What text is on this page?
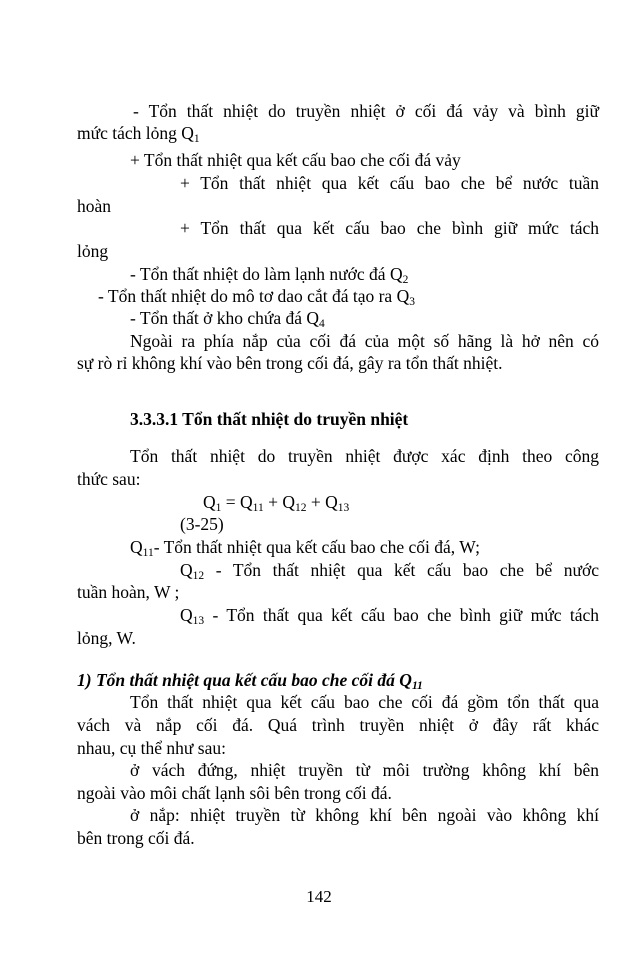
- Tổn thất nhiệt do truyền nhiệt ở cối đá vảy và bình giữ
mức tách lỏng $Q_1$
+ Tổn thất nhiệt qua kết cấu bao che cối đá vảy
+ Tổn thất nhiệt qua kết cấu bao che bể nước tuần
hoàn
+ Tổn thất qua kết cấu bao che bình giữ mức tách
lỏng
- Tổn thất nhiệt do làm lạnh nước đá $Q_2$
- Tổn thất nhiệt do mô tơ dao cắt đá tạo ra $Q_3$
- Tổn thất ở kho chứa đá $Q_4$
Ngoài ra phía nắp của cối đá của một số hãng là hở nên có
sự rò rỉ không khí vào bên trong cối đá, gây ra tổn thất nhiệt.
3.3.3.1 Tổn thất nhiệt do truyền nhiệt
Tổn thất nhiệt do truyền nhiệt được xác định theo công
thức sau:
$Q_1 = Q_{11} + Q_{12} + Q_{13}$
(3-25)
$Q_{11}-$ Tổn thất nhiệt qua kết cấu bao che cối đá, W;
$Q_{12}$ - Tổn thất nhiệt qua kết cấu bao che bể nước
tuần hoàn, W ;
$Q_{13}$ - Tổn thất qua kết cấu bao che bình giữ mức tách
lỏng, W.
1) Tổn thất nhiệt qua kết cấu bao che cối đá $Q_{11}$
Tổn thất nhiệt qua kết cấu bao che cối đá gồm tổn thất qua
vách và nắp cối đá. Quá trình truyền nhiệt ở đây rất khác
nhau, cụ thể như sau:
ở vách đứng, nhiệt truyền từ môi trường không khí bên
ngoài vào môi chất lạnh sôi bên trong cối đá.
ở nắp: nhiệt truyền từ không khí bên ngoài vào không khí
bên trong cối đá.
142
